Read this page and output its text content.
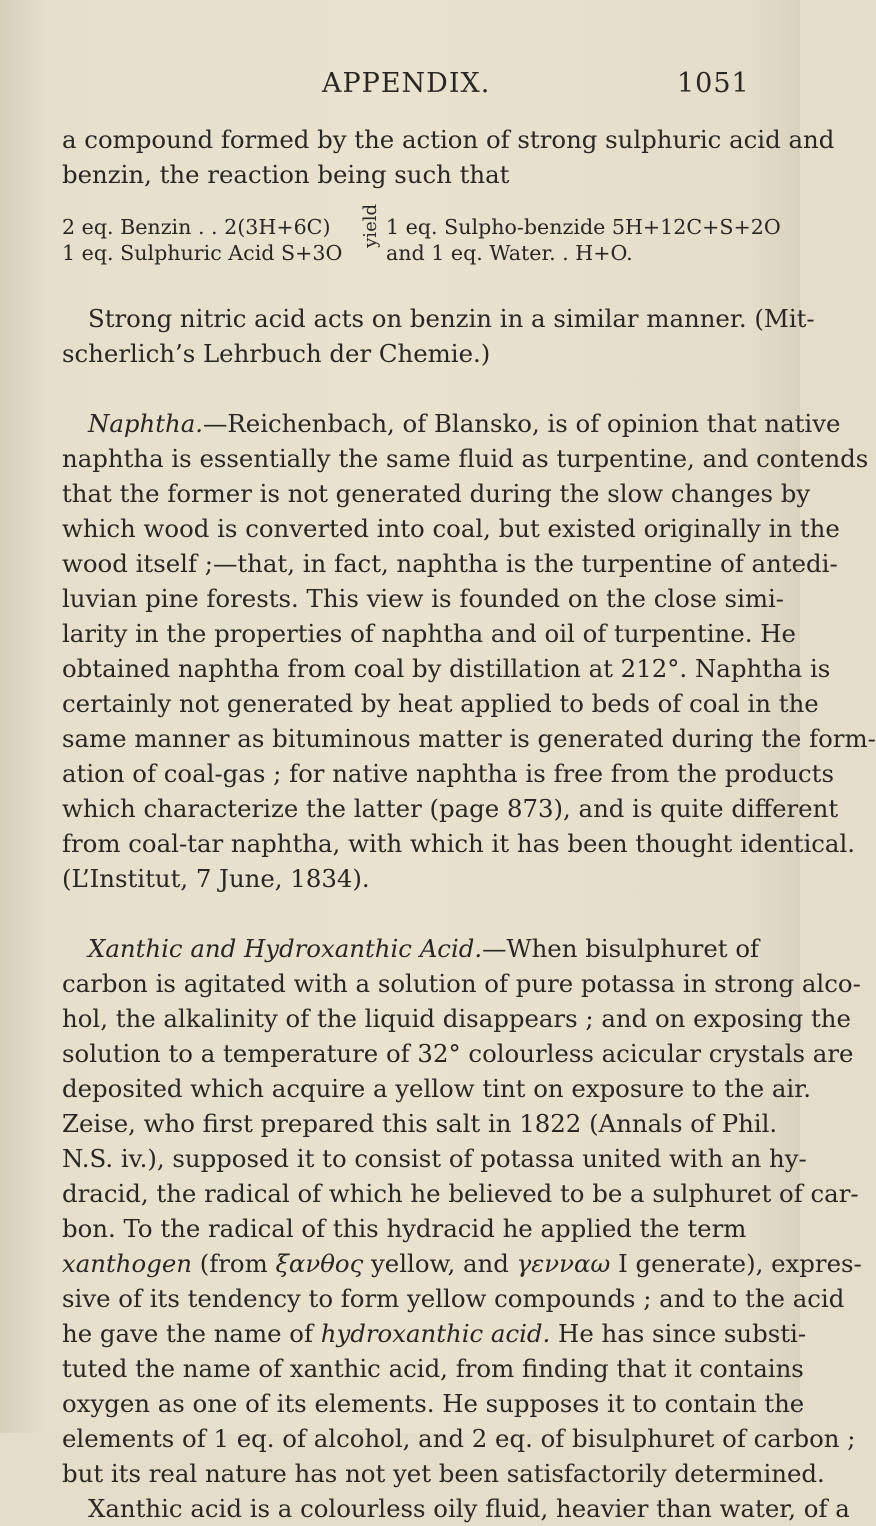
APPENDIX.	1051
a compound formed by the action of strong sulphuric acid and
benzin, the reaction being such that
2 eq. Benzin . . 2(3H+6C)
1 eq. Sulphuric Acid S+3O
yield 1 eq. Sulpho-benzide 5H+12C+S+2O
and 1 eq. Water. . H+O.
Strong nitric acid acts on benzin in a similar manner. (Mit-
scherlich’s Lehrbuch der Chemie.)
Naphtha.—Reichenbach, of Blansko, is of opinion that native
naphtha is essentially the same fluid as turpentine, and contends
that the former is not generated during the slow changes by
which wood is converted into coal, but existed originally in the
wood itself ;—that, in fact, naphtha is the turpentine of antedi-
luvian pine forests. This view is founded on the close simi-
larity in the properties of naphtha and oil of turpentine. He
obtained naphtha from coal by distillation at 212°. Naphtha is
certainly not generated by heat applied to beds of coal in the
same manner as bituminous matter is generated during the form-
ation of coal-gas ; for native naphtha is free from the products
which characterize the latter (page 873), and is quite different
from coal-tar naphtha, with which it has been thought identical.
(L’Institut, 7 June, 1834).
Xanthic and Hydroxanthic Acid.—When bisulphuret of
carbon is agitated with a solution of pure potassa in strong alco-
hol, the alkalinity of the liquid disappears ; and on exposing the
solution to a temperature of 32° colourless acicular crystals are
deposited which acquire a yellow tint on exposure to the air.
Zeise, who first prepared this salt in 1822 (Annals of Phil.
N.S. iv.), supposed it to consist of potassa united with an hy-
dracid, the radical of which he believed to be a sulphuret of car-
bon. To the radical of this hydracid he applied the term
xanthogen (from ξανθος yellow, and γενναω I generate), expres-
sive of its tendency to form yellow compounds ; and to the acid
he gave the name of hydroxanthic acid. He has since substi-
tuted the name of xanthic acid, from finding that it contains
oxygen as one of its elements. He supposes it to contain the
elements of 1 eq. of alcohol, and 2 eq. of bisulphuret of carbon ;
but its real nature has not yet been satisfactorily determined.
Xanthic acid is a colourless oily fluid, heavier than water, of a
